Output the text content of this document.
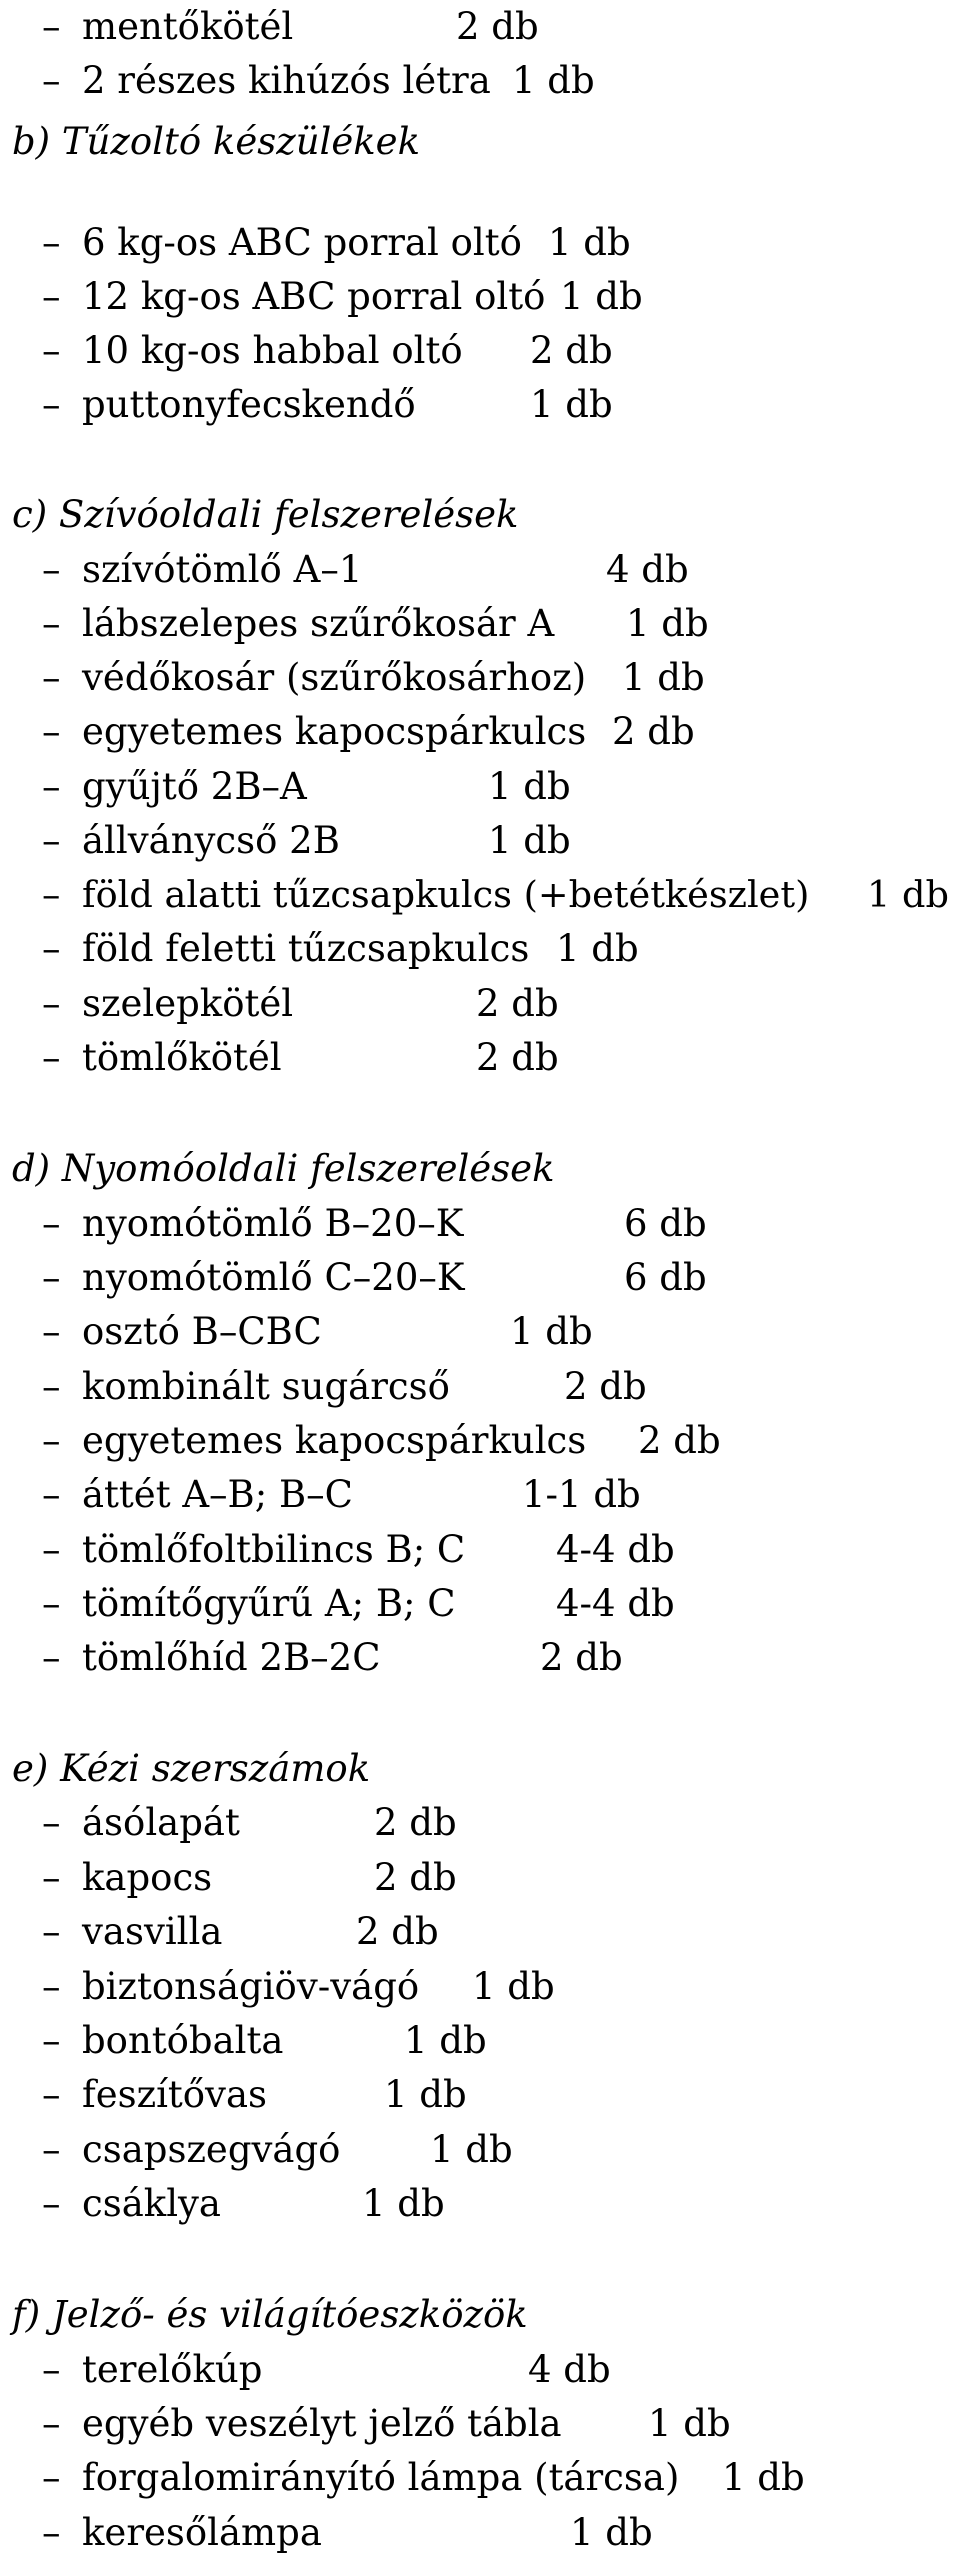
– mentőkötél	2 db
– 2 részes kihúzós létra 1 db
b) Tűzoltó készülékek
– 6 kg-os ABC porral oltó 1 db
– 12 kg-os ABC porral oltó 1 db
– 10 kg-os habbal oltó 2 db
– puttonyfecskendő	1 db
c) Szívóoldali felszerelések
– szívótömlő A–1	4 db
– lábszelepes szűrőkosár A 1 db
– védőkosár (szűrőkosárhoz) 1 db
– egyetemes kapocspárkulcs 2 db
– gyűjtő 2B–A	1 db
– állványcső 2B	1 db
– föld alatti tűzcsapkulcs (+betétkészlet) 1 db
– föld feletti tűzcsapkulcs 1 db
– szelepkötél	2 db
– tömlőkötél	2 db
d) Nyomóoldali felszerelések
– nyomótömlő B–20–K	6 db
– nyomótömlő C–20–K	6 db
– osztó B–CBC	1 db
– kombinált sugárcső	2 db
– egyetemes kapocspárkulcs 2 db
– áttét A–B; B–C	1-1 db
– tömlőfoltbilincs B; C 4-4 db
– tömítőgyűrű A; B; C	4-4 db
– tömlőhíd 2B–2C	2 db
e) Kézi szerszámok
– ásólapát	2 db
– kapocs	2 db
– vasvilla	2 db
– biztonságiöv-vágó 1 db
– bontóbalta	1 db
– feszítővas	1 db
– csapszegvágó 1 db
– csáklya	1 db
f) Jelző- és világítóeszközök
– terelőkúp	4 db
– egyéb veszélyt jelző tábla 1 db
– forgalomirányító lámpa (tárcsa) 1 db
– keresőlámpa	1 db
